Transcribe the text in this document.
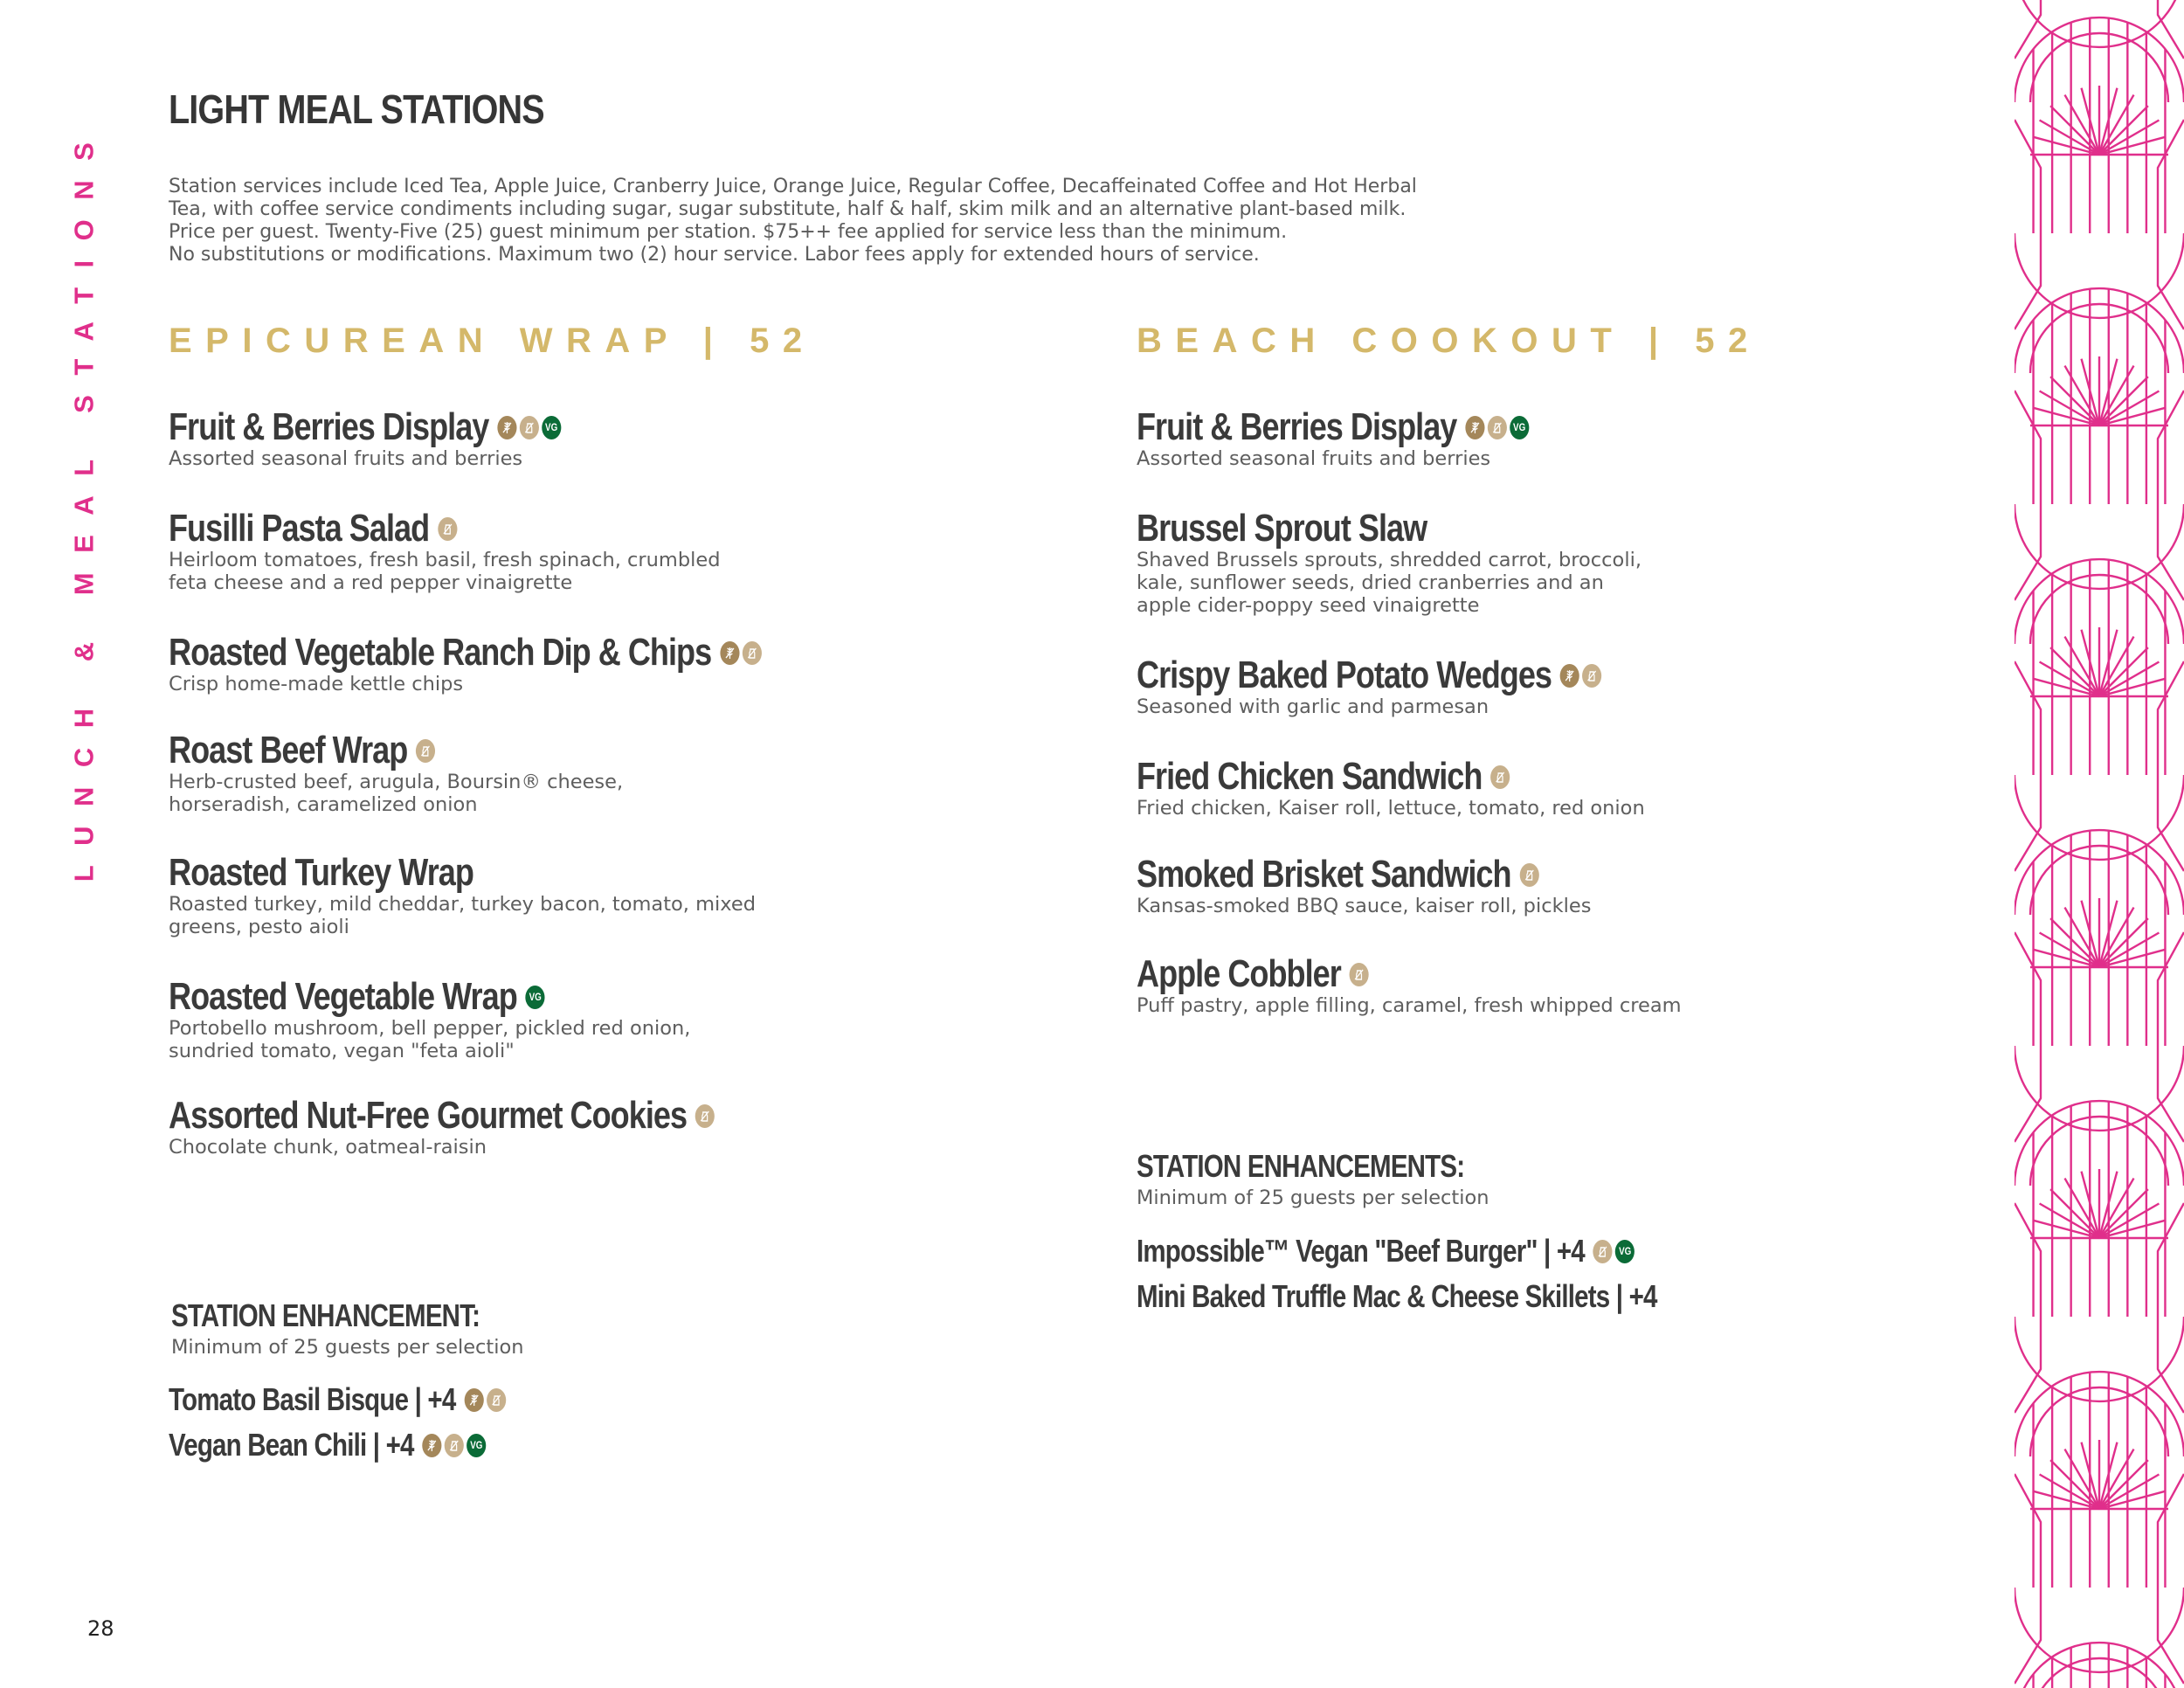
LUNCH & MEAL STATIONS
LIGHT MEAL STATIONS
Station services include Iced Tea, Apple Juice, Cranberry Juice, Orange Juice, Regular Coffee, Decaffeinated Coffee and Hot Herbal
Tea, with coffee service condiments including sugar, sugar substitute, half & half, skim milk and an alternative plant-based milk.
Price per guest. Twenty-Five (25) guest minimum per station. $75++ fee applied for service less than the minimum.
No substitutions or modifications. Maximum two (2) hour service. Labor fees apply for extended hours of service.
EPICUREAN WRAP | 52
Fruit & Berries Display	VG
Assorted seasonal fruits and berries
Fusilli Pasta Salad
Heirloom tomatoes, fresh basil, fresh spinach, crumbled
feta cheese and a red pepper vinaigrette
Roasted Vegetable Ranch Dip & Chips
Crisp home-made kettle chips
Roast Beef Wrap
Herb-crusted beef, arugula, Boursin® cheese,
horseradish, caramelized onion
Roasted Turkey Wrap
Roasted turkey, mild cheddar, turkey bacon, tomato, mixed
greens, pesto aioli
Roasted Vegetable Wrap	VG
Portobello mushroom, bell pepper, pickled red onion,
sundried tomato, vegan "feta aioli"
Assorted Nut-Free Gourmet Cookies
Chocolate chunk, oatmeal-raisin
STATION ENHANCEMENT:
Minimum of 25 guests per selection
Tomato Basil Bisque | +4
Vegan Bean Chili | +4	VG
BEACH COOKOUT | 52
Fruit & Berries Display	VG
Assorted seasonal fruits and berries
Brussel Sprout Slaw
Shaved Brussels sprouts, shredded carrot, broccoli,
kale, sunflower seeds, dried cranberries and an
apple cider-poppy seed vinaigrette
Crispy Baked Potato Wedges
Seasoned with garlic and parmesan
Fried Chicken Sandwich
Fried chicken, Kaiser roll, lettuce, tomato, red onion
Smoked Brisket Sandwich
Kansas-smoked BBQ sauce, kaiser roll, pickles
Apple Cobbler
Puff pastry, apple filling, caramel, fresh whipped cream
STATION ENHANCEMENTS:
Minimum of 25 guests per selection
Impossible™ Vegan "Beef Burger" | +4	VG
Mini Baked Truffle Mac & Cheese Skillets | +4
28
